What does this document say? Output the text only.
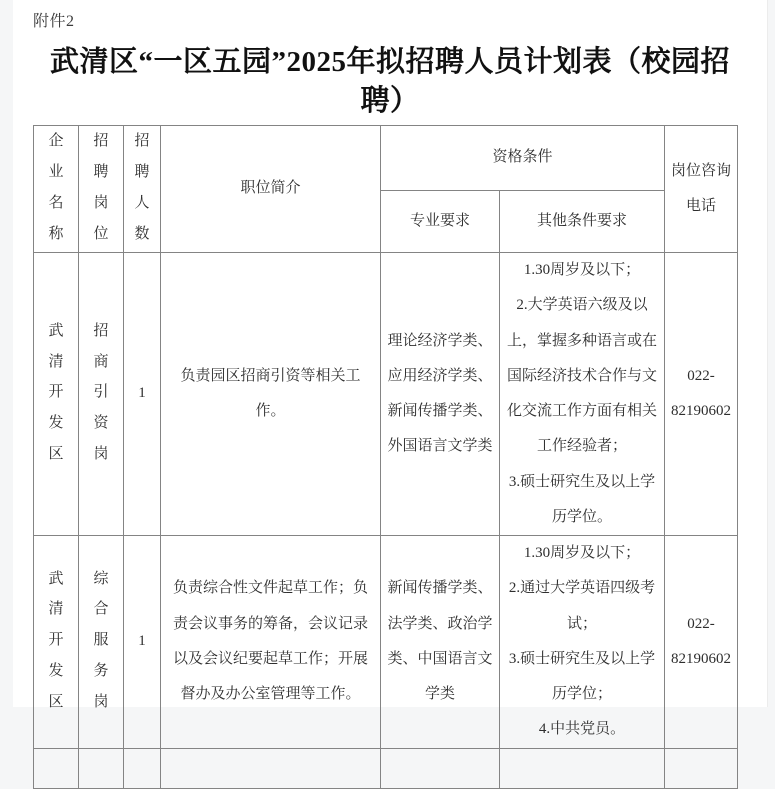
附件2
武清区“一区五园”2025年拟招聘人员计划表（校园招聘）
企业名称	招聘岗位	招聘人数	职位简介	资格条件		岗位咨询电话
				专业要求	其他条件要求	
武清开发区	招商引资岗	1	负责园区招商引资等相关工作。	理论经济学类、应用经济学类、新闻传播学类、外国语言文学类	1.30周岁及以下；
2.大学英语六级及以上，掌握多种语言或在国际经济技术合作与文化交流工作方面有相关工作经验者；
3.硕士研究生及以上学历学位。	022-82190602
武清开发区	综合服务岗	1	负责综合性文件起草工作；负责会议事务的筹备，会议记录以及会议纪要起草工作；开展督办及办公室管理等工作。	新闻传播学类、法学类、政治学类、中国语言文学类	1.30周岁及以下；
2.通过大学英语四级考试；
3.硕士研究生及以上学历学位；
4.中共党员。	022-82190602
